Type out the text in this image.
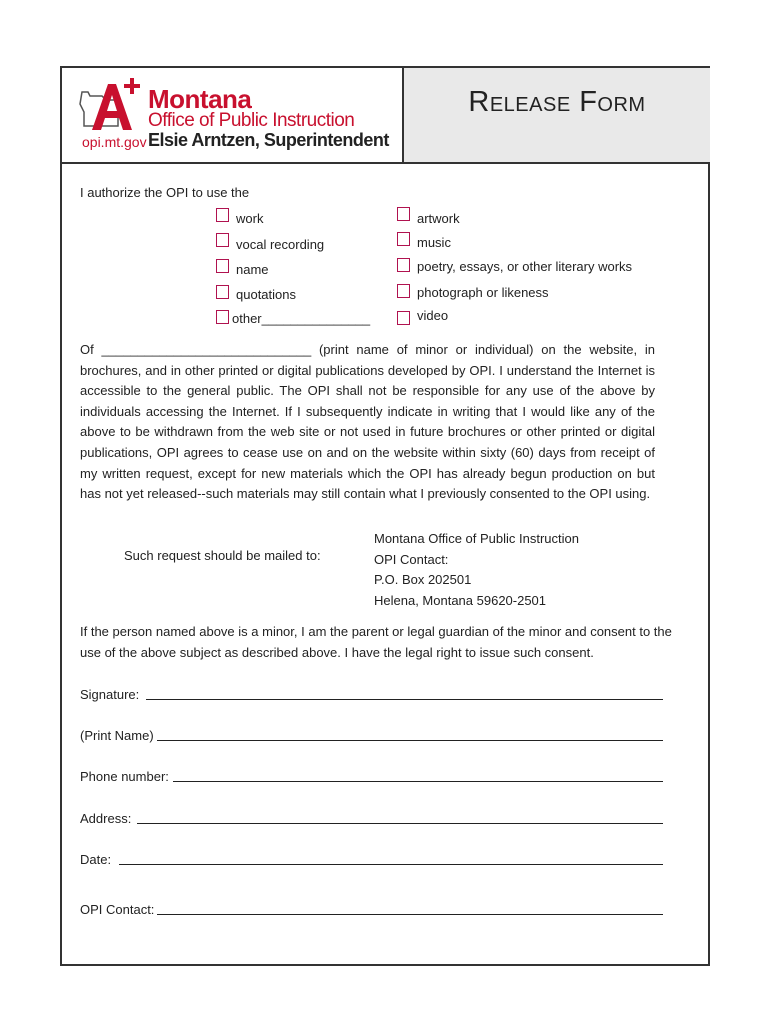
Montana
Office of Public Instruction
opi.mt.gov Elsie Arntzen, Superintendent
Release Form
I authorize the OPI to use the
work
vocal recording
name
quotations
other_______________
artwork
music
poetry, essays, or other literary works
photograph or likeness
video
Of _____________________________ (print name of minor or individual) on the website, in brochures, and in other printed or digital publications developed by OPI. I understand the Internet is accessible to the general public. The OPI shall not be responsible for any use of the above by individuals accessing the Internet. If I subsequently indicate in writing that I would like any of the above to be withdrawn from the web site or not used in future brochures or other printed or digital publications, OPI agrees to cease use on and on the website within sixty (60) days from receipt of my written request, except for new materials which the OPI has already begun production on but has not yet released--such materials may still contain what I previously consented to the OPI using.
Such request should be mailed to:
Montana Office of Public Instruction
OPI Contact:
P.O. Box 202501
Helena, Montana 59620-2501
If the person named above is a minor, I am the parent or legal guardian of the minor and consent to the use of the above subject as described above. I have the legal right to issue such consent.
Signature:
(Print Name)
Phone number:
Address:
Date:
OPI Contact:
